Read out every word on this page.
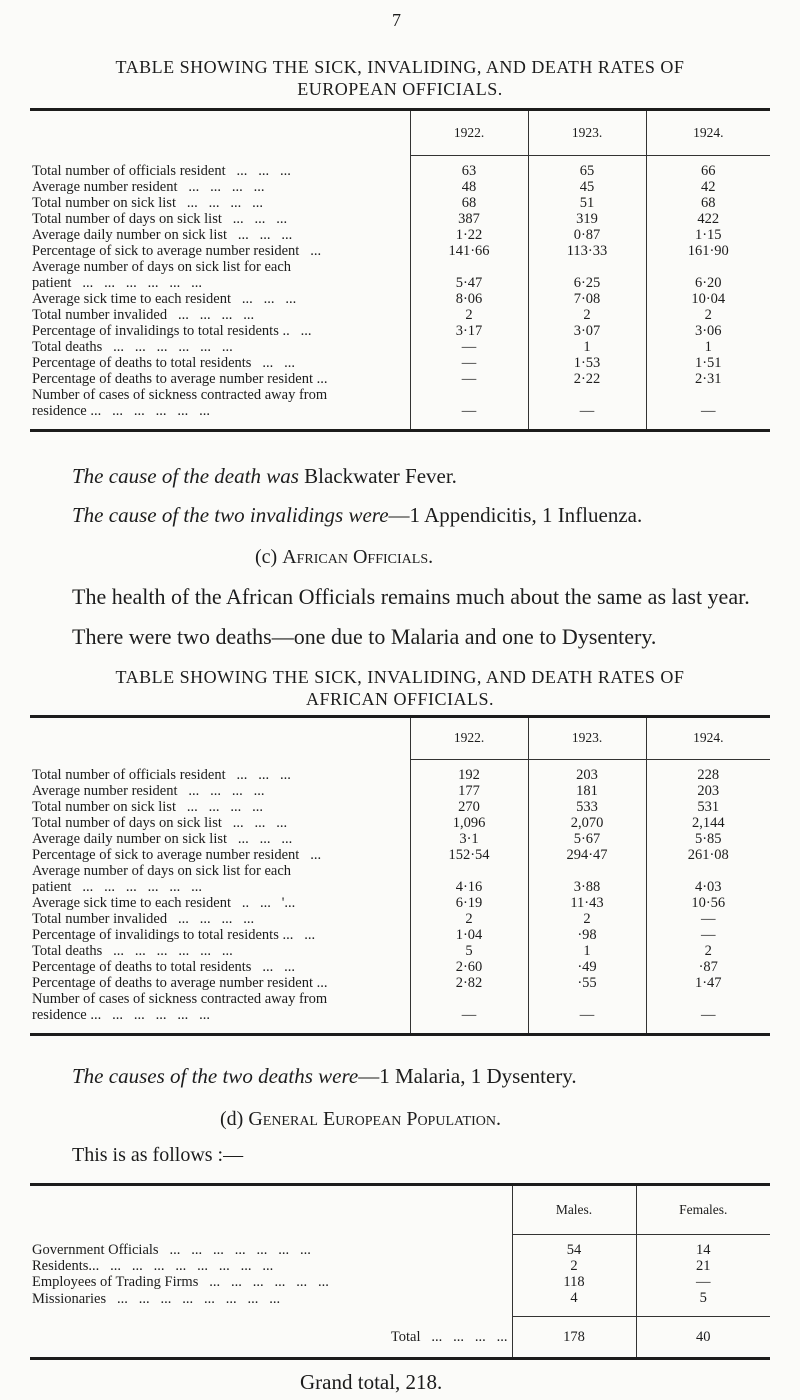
7
TABLE SHOWING THE SICK, INVALIDING, AND DEATH RATES OF
EUROPEAN OFFICIALS.
	1922.	1923.	1924.
Total number of officials resident   ...   ...   ...	63	65	66
Average number resident   ...   ...   ...   ...	48	45	42
Total number on sick list   ...   ...   ...   ...	68	51	68
Total number of days on sick list   ...   ...   ...	387	319	422
Average daily number on sick list   ...   ...   ...	1·22	0·87	1·15
Percentage of sick to average number resident   ...	141·66	113·33	161·90

Average number of days on sick list for each
patient   ...   ...   ...   ...   ...   ...	5·47	6·25	6·20
Average sick time to each resident   ...   ...   ...	8·06	7·08	10·04
Total number invalided   ...   ...   ...   ...	2	2	2
Percentage of invalidings to total residents ..   ...	3·17	3·07	3·06
Total deaths   ...   ...   ...   ...   ...   ...	—	1	1
Percentage of deaths to total residents   ...   ...	—	1·53	1·51
Percentage of deaths to average number resident ...	—	2·22	2·31

Number of cases of sickness contracted away from
residence ...   ...   ...   ...   ...   ...	—	—	—
The cause of the death was Blackwater Fever.
The cause of the two invalidings were—1 Appendicitis, 1 Influenza.
(c) African Officials.
The health of the African Officials remains much about the same as last year.
There were two deaths—one due to Malaria and one to Dysentery.
TABLE SHOWING THE SICK, INVALIDING, AND DEATH RATES OF
AFRICAN OFFICIALS.
	1922.	1923.	1924.
Total number of officials resident   ...   ...   ...	192	203	228
Average number resident   ...   ...   ...   ...	177	181	203
Total number on sick list   ...   ...   ...   ...	270	533	531
Total number of days on sick list   ...   ...   ...	1,096	2,070	2,144
Average daily number on sick list   ...   ...   ...	3·1	5·67	5·85
Percentage of sick to average number resident   ...	152·54	294·47	261·08

Average number of days on sick list for each
patient   ...   ...   ...   ...   ...   ...	4·16	3·88	4·03
Average sick time to each resident   ..   ...   '...	6·19	11·43	10·56
Total number invalided   ...   ...   ...   ...	2	2	—
Percentage of invalidings to total residents ...   ...	1·04	·98	—
Total deaths   ...   ...   ...   ...   ...   ...	5	1	2
Percentage of deaths to total residents   ...   ...	2·60	·49	·87
Percentage of deaths to average number resident ...	2·82	·55	1·47

Number of cases of sickness contracted away from
residence ...   ...   ...   ...   ...   ...	—	—	—
The causes of the two deaths were—1 Malaria, 1 Dysentery.
(d) General European Population.
This is as follows :—
	Males.	Females.
Government Officials   ...   ...   ...   ...   ...   ...   ...	54	14
Residents...   ...   ...   ...   ...   ...   ...   ...   ...	2	21
Employees of Trading Firms   ...   ...   ...   ...   ...   ...	118	—
Missionaries   ...   ...   ...   ...   ...   ...   ...   ...	4	5
Total   ...   ...   ...   ...	178	40
Grand total, 218.
